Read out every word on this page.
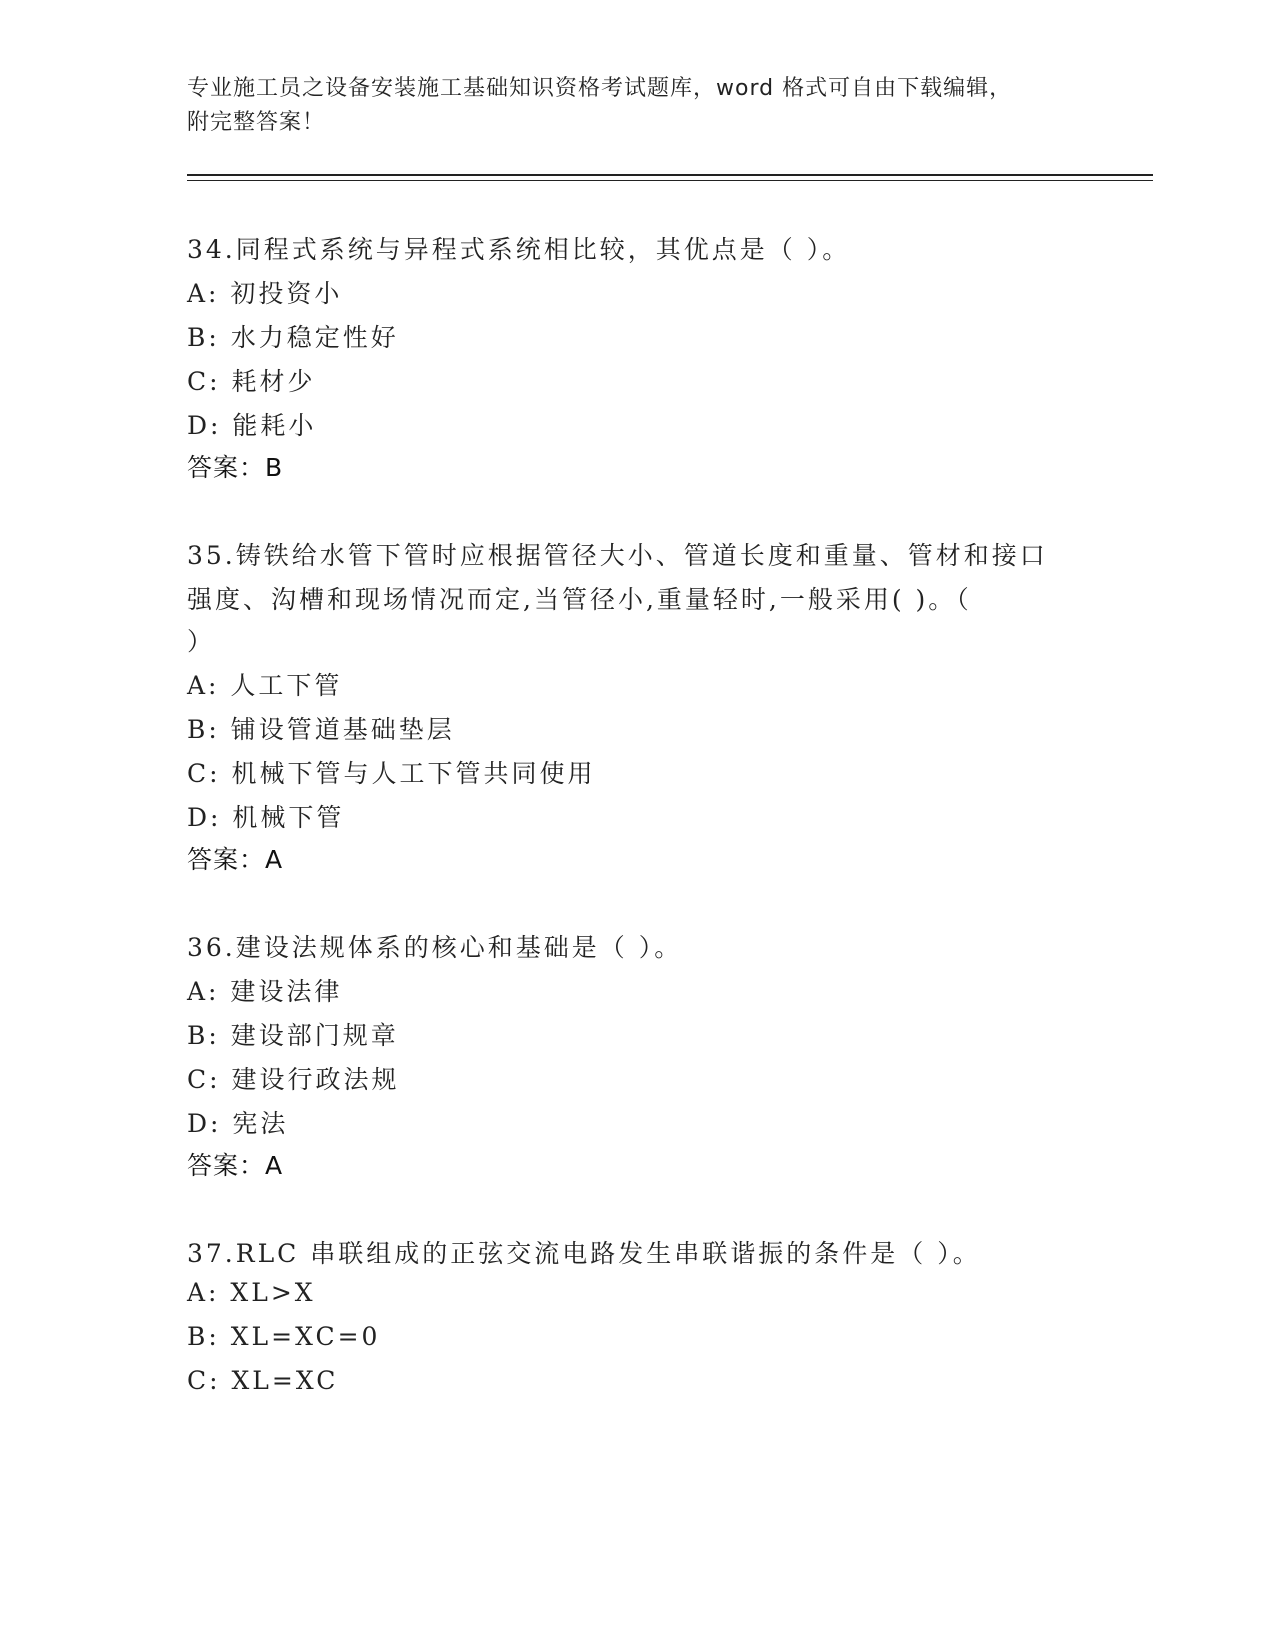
专业施工员之设备安装施工基础知识资格考试题库，word 格式可自由下载编辑，
附完整答案！
34.同程式系统与异程式系统相比较，其优点是（ ）。
A: 初投资小
B: 水力稳定性好
C: 耗材少
D: 能耗小
答案：B
35.铸铁给水管下管时应根据管径大小、管道长度和重量、管材和接口
强度、沟槽和现场情况而定,当管径小,重量轻时,一般采用( )。（
）
A: 人工下管
B: 铺设管道基础垫层
C: 机械下管与人工下管共同使用
D: 机械下管
答案：A
36.建设法规体系的核心和基础是（ ）。
A: 建设法律
B: 建设部门规章
C: 建设行政法规
D: 宪法
答案：A
37.RLC 串联组成的正弦交流电路发生串联谐振的条件是（ ）。
A: XL>X
B: XL=XC=0
C: XL=XC
